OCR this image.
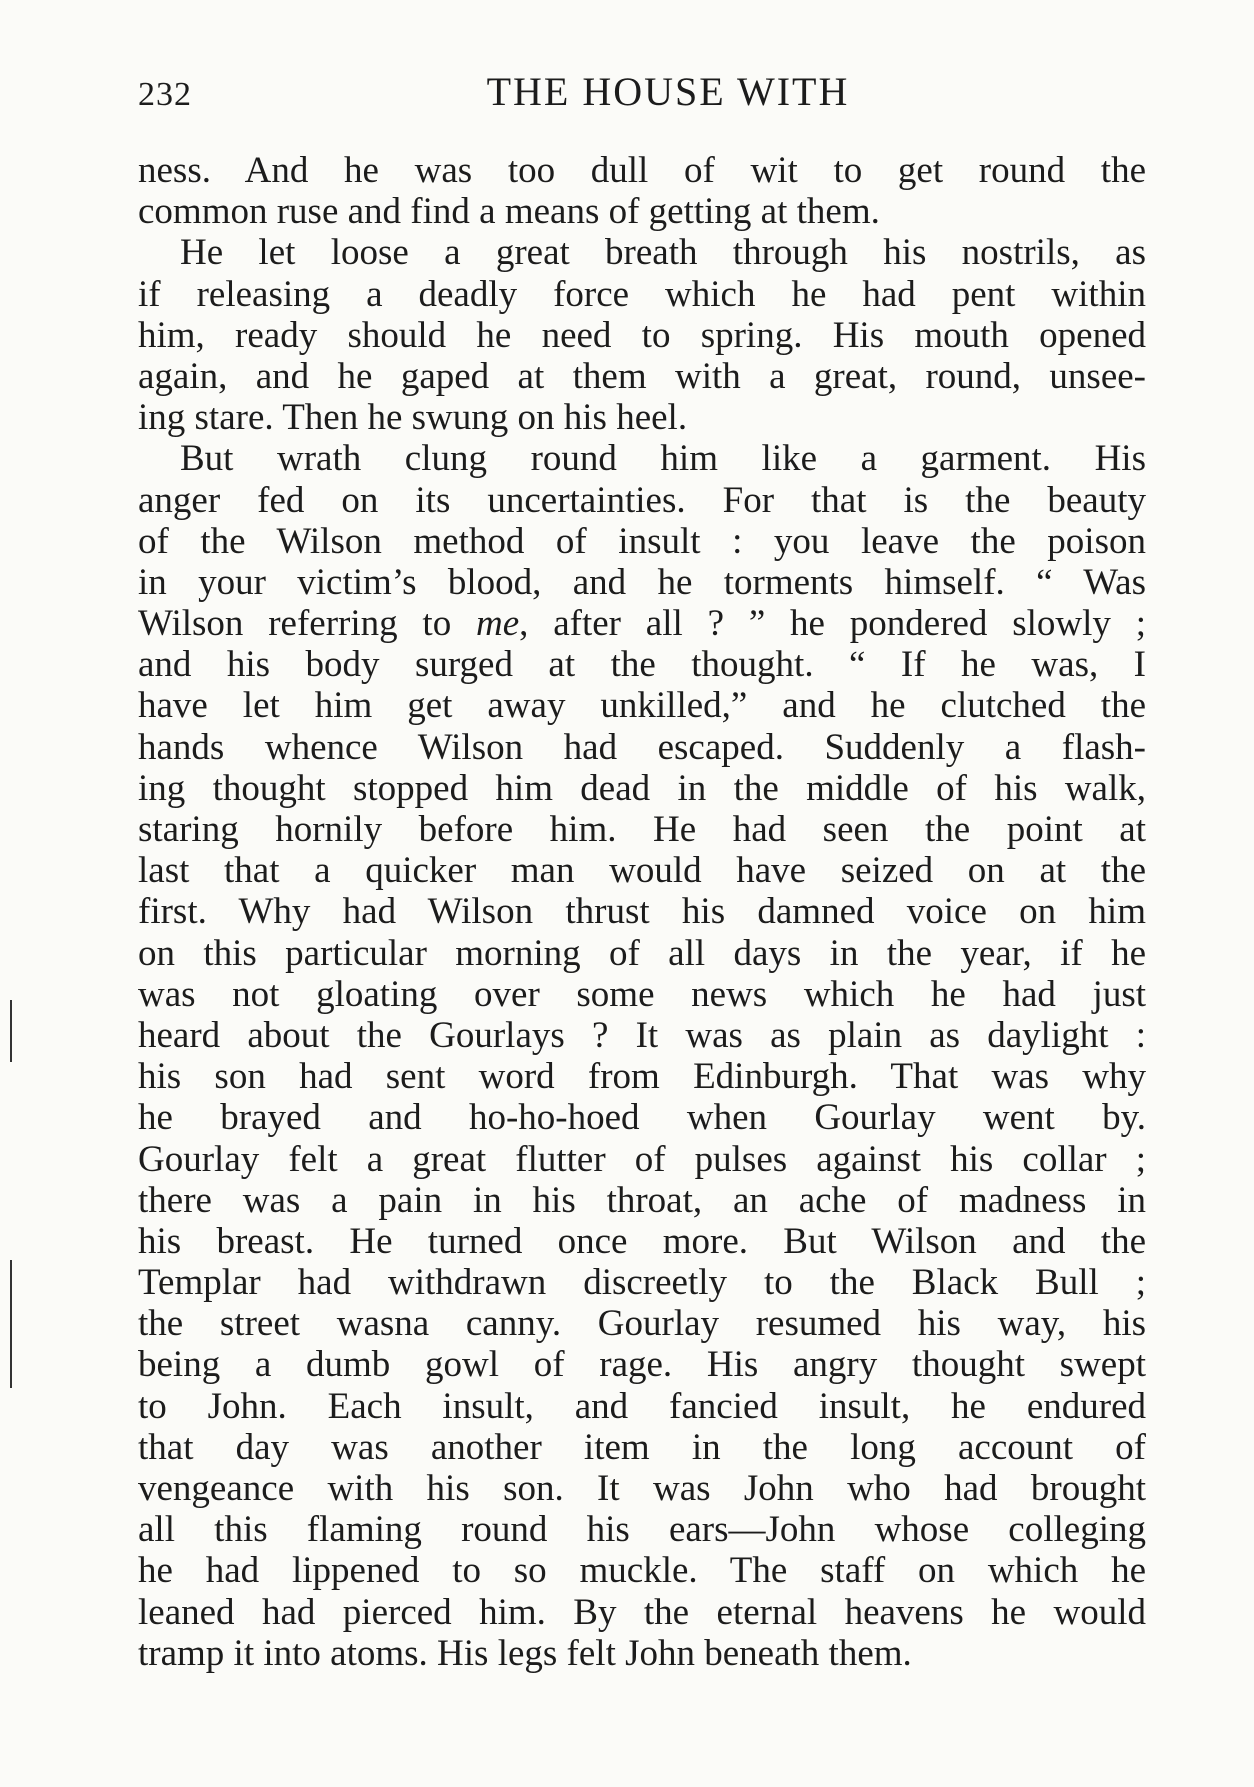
232	THE HOUSE WITH
ness. And he was too dull of wit to get round the
common ruse and find a means of getting at them.
He let loose a great breath through his nostrils, as
if releasing a deadly force which he had pent within
him, ready should he need to spring. His mouth opened
again, and he gaped at them with a great, round, unsee-
ing stare. Then he swung on his heel.
But wrath clung round him like a garment. His
anger fed on its uncertainties. For that is the beauty
of the Wilson method of insult : you leave the poison
in your victim’s blood, and he torments himself. “ Was
Wilson referring to me, after all ? ” he pondered slowly ;
and his body surged at the thought. “ If he was, I
have let him get away unkilled,” and he clutched the
hands whence Wilson had escaped. Suddenly a flash-
ing thought stopped him dead in the middle of his walk,
staring hornily before him. He had seen the point at
last that a quicker man would have seized on at the
first. Why had Wilson thrust his damned voice on him
on this particular morning of all days in the year, if he
was not gloating over some news which he had just
heard about the Gourlays ? It was as plain as daylight :
his son had sent word from Edinburgh. That was why
he brayed and ho-ho-hoed when Gourlay went by.
Gourlay felt a great flutter of pulses against his collar ;
there was a pain in his throat, an ache of madness in
his breast. He turned once more. But Wilson and the
Templar had withdrawn discreetly to the Black Bull ;
the street wasna canny. Gourlay resumed his way, his
being a dumb gowl of rage. His angry thought swept
to John. Each insult, and fancied insult, he endured
that day was another item in the long account of
vengeance with his son. It was John who had brought
all this flaming round his ears—John whose colleging
he had lippened to so muckle. The staff on which he
leaned had pierced him. By the eternal heavens he would
tramp it into atoms. His legs felt John beneath them.
